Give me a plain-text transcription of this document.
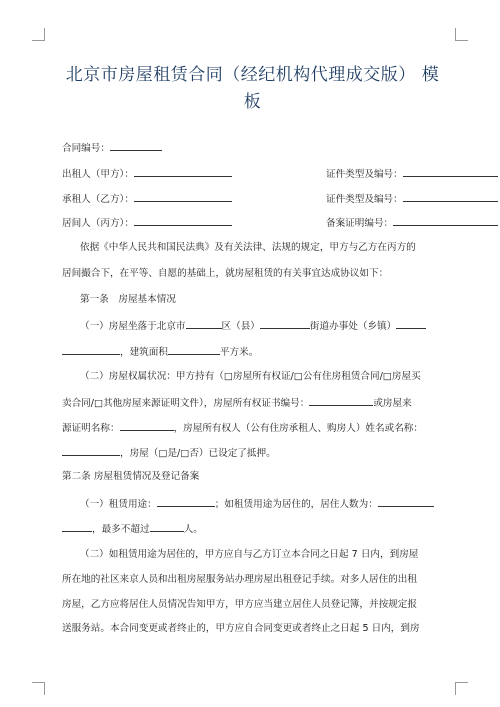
北京市房屋租赁合同（经纪机构代理成交版） 模板
合同编号：
出租人（甲方）：	证件类型及编号：
承租人（乙方）：	证件类型及编号：
居间人（丙方）：	备案证明编号：
依据《中华人民共和国民法典》及有关法律、法规的规定，甲方与乙方在丙方的
居间撮合下，在平等、自愿的基础上，就房屋租赁的有关事宜达成协议如下：
第一条　房屋基本情况
（一）房屋坐落于北京市	区（县）	街道办事处（乡镇）
，建筑面积	平方米。
（二）房屋权属状况：甲方持有（□房屋所有权证/□公有住房租赁合同/□房屋买
卖合同/□其他房屋来源证明文件），房屋所有权证书编号：	或房屋来
源证明名称：	，房屋所有权人（公有住房承租人、购房人）姓名或名称：
，房屋（□是/□否）已设定了抵押。
第二条 房屋租赁情况及登记备案
（一）租赁用途：	；如租赁用途为居住的，居住人数为：
，最多不超过	人。
（二）如租赁用途为居住的，甲方应自与乙方订立本合同之日起 7 日内，到房屋
所在地的社区来京人员和出租房屋服务站办理房屋出租登记手续。对多人居住的出租
房屋，乙方应将居住人员情况告知甲方，甲方应当建立居住人员登记簿，并按规定报
送服务站。本合同变更或者终止的，甲方应自合同变更或者终止之日起 5 日内，到房
